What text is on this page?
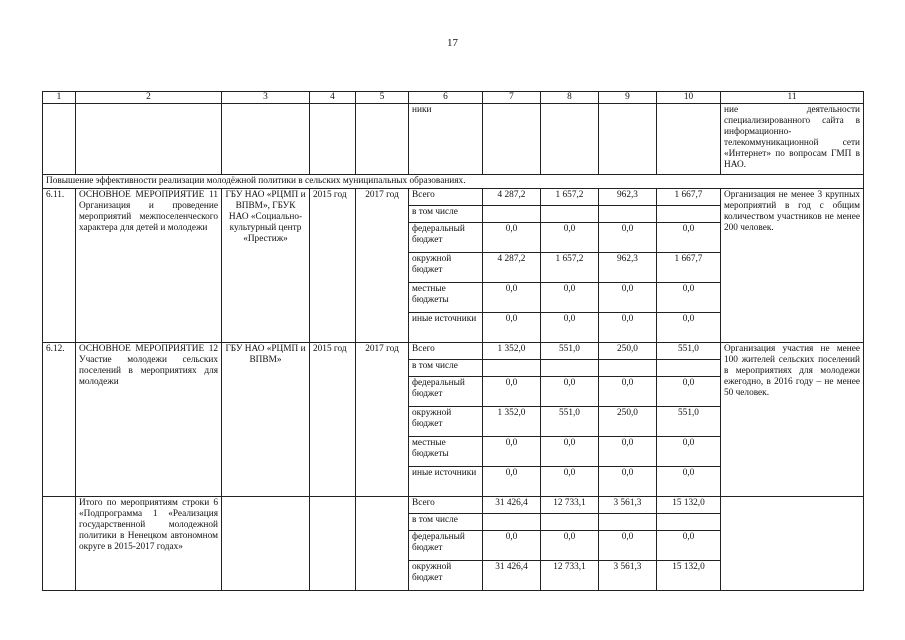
17
1	2	3	4	5	6	7	8	9	10	11
					ники					ние деятельности специализированного сайта в информационно-телекоммуникационной сети «Интернет» по вопросам ГМП в НАО.
Повышение эффективности реализации молодёжной политики в сельских муниципальных образованиях.										
6.11.	ОСНОВНОЕ МЕРОПРИЯТИЕ 11 Организация и проведение мероприятий межпоселенческого характера для детей и молодежи	ГБУ НАО «РЦМП и ВПВМ», ГБУК НАО «Социально-культурный центр «Престиж»	2015 год	2017 год	Всего	4 287,2	1 657,2	962,3	1 667,7	Организация не менее 3 крупных мероприятий в год с общим количеством участников не менее 200 человек.
					в том числе					
					федеральный бюджет	0,0	0,0	0,0	0,0	
					окружной бюджет	4 287,2	1 657,2	962,3	1 667,7	
					местные бюджеты	0,0	0,0	0,0	0,0	
					иные источники	0,0	0,0	0,0	0,0	
6.12.	ОСНОВНОЕ МЕРОПРИЯТИЕ 12 Участие молодежи сельских поселений в мероприятиях для молодежи	ГБУ НАО «РЦМП и ВПВМ»	2015 год	2017 год	Всего	1 352,0	551,0	250,0	551,0	Организация участия не менее 100 жителей сельских поселений в мероприятиях для молодежи ежегодно, в 2016 году – не менее 50 человек.
					в том числе					
					федеральный бюджет	0,0	0,0	0,0	0,0	
					окружной бюджет	1 352,0	551,0	250,0	551,0	
					местные бюджеты	0,0	0,0	0,0	0,0	
					иные источники	0,0	0,0	0,0	0,0	
	Итого по мероприятиям строки 6 «Подпрограмма 1 «Реализация государственной молодежной политики в Ненецком автономном округе в 2015-2017 годах»				Всего	31 426,4	12 733,1	3 561,3	15 132,0	
					в том числе					
					федеральный бюджет	0,0	0,0	0,0	0,0	
					окружной бюджет	31 426,4	12 733,1	3 561,3	15 132,0	
